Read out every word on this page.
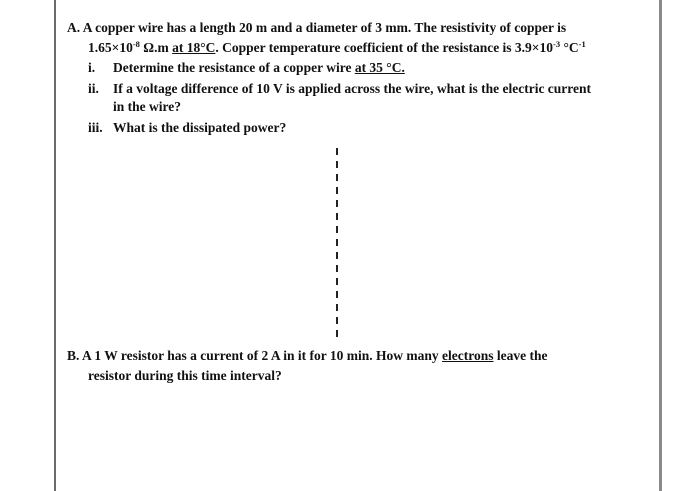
A. A copper wire has a length 20 m and a diameter of 3 mm. The resistivity of copper is
$1.65\times 10^{-8}$ Ω.m at 18°C. Copper temperature coefficient of the resistance is $3.9\times 10^{-3}$ $^\circ C^{-1}$
i. Determine the resistance of a copper wire at 35 °C.
ii. If a voltage difference of 10 V is applied across the wire, what is the electric current
in the wire?
iii. What is the dissipated power?
B. A 1 W resistor has a current of 2 A in it for 10 min. How many electrons leave the
resistor during this time interval?
